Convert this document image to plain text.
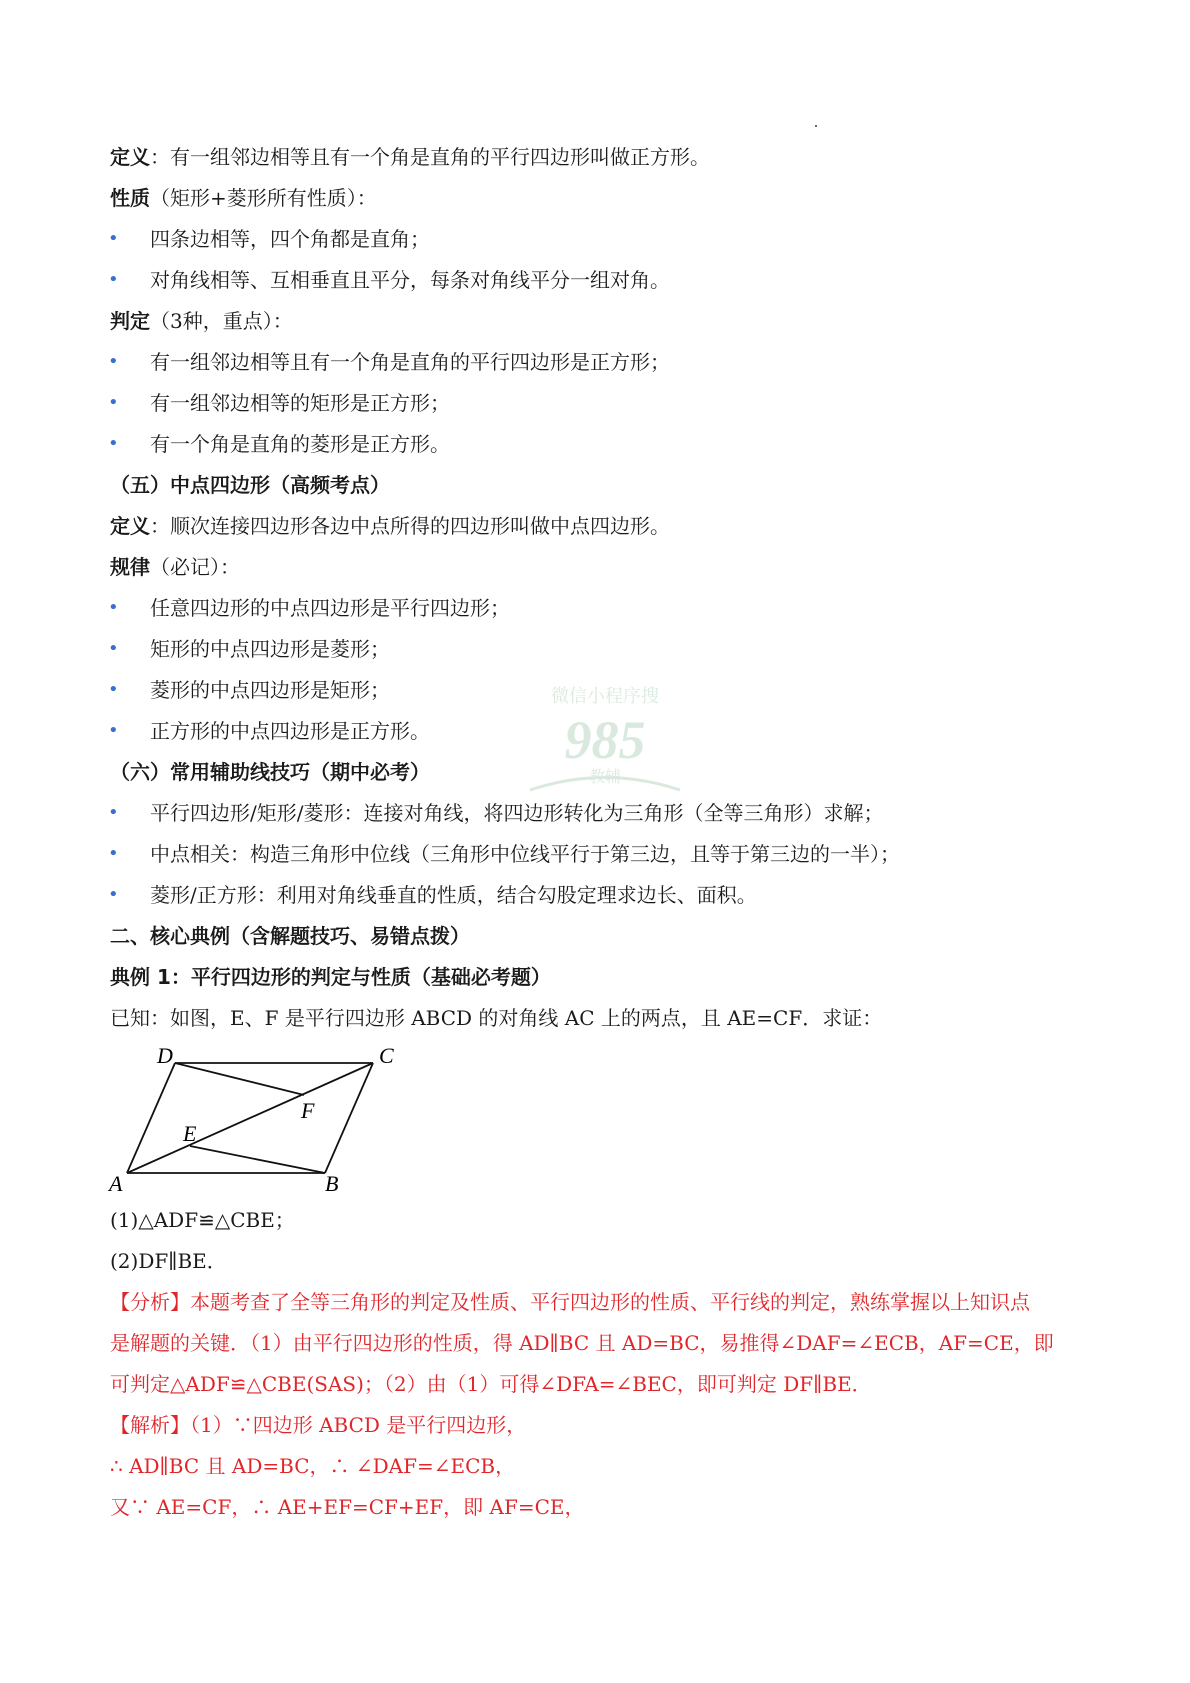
微信小程序搜
985
教辅
定义：有一组邻边相等且有一个角是直角的平行四边形叫做正方形。
性质（矩形+菱形所有性质）：
• 四条边相等，四个角都是直角；
• 对角线相等、互相垂直且平分，每条对角线平分一组对角。
判定（3种，重点）：
• 有一组邻边相等且有一个角是直角的平行四边形是正方形；
• 有一组邻边相等的矩形是正方形；
• 有一个角是直角的菱形是正方形。
（五）中点四边形（高频考点）
定义：顺次连接四边形各边中点所得的四边形叫做中点四边形。
规律（必记）：
• 任意四边形的中点四边形是平行四边形；
• 矩形的中点四边形是菱形；
• 菱形的中点四边形是矩形；
• 正方形的中点四边形是正方形。
（六）常用辅助线技巧（期中必考）
• 平行四边形/矩形/菱形：连接对角线，将四边形转化为三角形（全等三角形）求解；
• 中点相关：构造三角形中位线（三角形中位线平行于第三边，且等于第三边的一半）；
• 菱形/正方形：利用对角线垂直的性质，结合勾股定理求边长、面积。
二、核心典例（含解题技巧、易错点拨）
典例 1：平行四边形的判定与性质（基础必考题）
已知：如图，E、F 是平行四边形 ABCD 的对角线 AC 上的两点，且 AE=CF．求证：
D	C
F
E
A	B
(1)△ADF≌△CBE；
(2)DF∥BE．
【分析】本题考查了全等三角形的判定及性质、平行四边形的性质、平行线的判定，熟练掌握以上知识点
是解题的关键．（1）由平行四边形的性质，得 AD∥BC 且 AD=BC，易推得∠DAF=∠ECB，AF=CE，即
可判定△ADF≌△CBE(SAS)；（2）由（1）可得∠DFA=∠BEC，即可判定 DF∥BE．
【解析】（1）∵四边形 ABCD 是平行四边形，
∴ AD∥BC 且 AD=BC，∴ ∠DAF=∠ECB，
又∵ AE=CF，∴ AE+EF=CF+EF，即 AF=CE，
